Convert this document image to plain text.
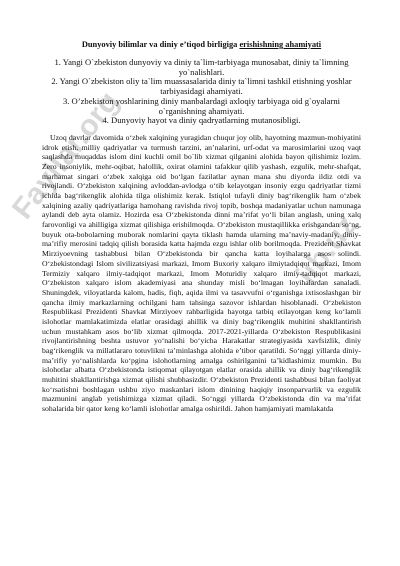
Fayllar.org
iib.uz
Dunyoviy bilimlar va diniy e’tiqod birligiga erishishning ahamiyati
1. Yangi O`zbekiston dunyoviy va diniy ta`lim-tarbiyaga munosabat, diniy ta`limning yo`nalishlari.
2. Yangi O`zbekiston oliy ta`lim muassasalarida diniy ta`limni tashkil etishning yoshlar tarbiyasidagi ahamiyati.
3. O’zbekiston yoshlarining diniy manbalardagi axloqiy tarbiyaga oid g`oyalarni o`rganishning ahamiyati.
4. Dunyoviy hayot va diniy qadryatlarning mutanosibligi.

Uzoq davrlar davomida o‘zbek xalqining yuragidan chuqur joy olib, hayotning mazmun-mohiyatini idrok etish, milliy qadriyatlar va turmush tarzini, an’nalarini, urf-odat va marosimlarini uzoq vaqt saqlashda muqaddas islom dini kuchli omil bo`lib xizmat qilganini alohida bayon qilishimiz lozim. Zero insoniylik, mehr-oqibat, halollik, oxirat olamini tafakkur qilib yashash, ezgulik, mehr-shafqat, marhamat singari o‘zbek xalqiga oid bo‘lgan fazilatlar aynan mana shu diyorda ildiz otdi va rivojlandi. O‘zbekiston xalqining avloddan-avlodga o‘tib kelayotgan insoniy ezgu qadriyatlar tizmi ichida bag‘rikenglik alohida tilga olishimiz kerak. Istiqlol tufayli diniy bag‘rikenglik ham o‘zbek xalqining azaliy qadriyatlariga hamohang ravishda rivoj topib, boshqa madaniyatlar uchun namunaga aylandi deb ayta olamiz. Hozirda esa O‘zbekistonda dinni ma’rifat yo‘li bilan anglash, uning xalq farovonligi va ahilligiga xizmat qilishiga erishilmoqda. O‘zbekiston mustaqillikka erishgandan so‘ng, buyuk ota-bobolarning muborak nomlarini qayta tiklash hamda ularning ma’naviy-madaniy, diniy-ma’rifiy merosini tadqiq qilish borasida katta hajmda ezgu ishlar olib borilmoqda. Prezident Shavkat Mirziyoevning tashabbusi bilan O‘zbekistonda bir qancha katta loyihalarga asos solindi. O‘zbekistondagi Islom sivilizatsiyasi markazi, Imom Buxoriy xalqaro ilmiytadqiqot markazi, Imom Termiziy xalqaro ilmiy-tadqiqot markazi, Imom Moturidiy xalqaro ilmiy-tadqiqot markazi, O‘zbekiston xalqaro islom akademiyasi ana shunday misli bo‘lmagan loyihalardan sanaladi. Shuningdek, viloyatlarda kalom, hadis, fiqh, aqida ilmi va tasavvufni o‘rganishga ixtisoslashgan bir qancha ilmiy markazlarning ochilgani ham tahsinga sazovor ishlardan hisoblanadi. O‘zbekiston Respublikasi Prezidenti Shavkat Mirziyoev rahbarligida hayotga tatbiq etilayotgan keng ko‘lamli islohotlar mamlakatimizda elatlar orasidagi ahillik va diniy bag‘rikenglik muhitini shakllantirish uchun mustahkam asos bo‘lib xizmat qilmoqda. 2017-2021-yillarda O‘zbekiston Respublikasini rivojlantirishning beshta ustuvor yo‘nalishi bo‘yicha Harakatlar strategiyasida xavfsizlik, diniy bag‘rikenglik va millatlararo totuvlikni ta’minlashga alohida e’tibor qaratildi. So‘nggi yillarda diniy-ma’rifiy yo‘nalishlarda ko‘pgina islohotlarning amalga oshirilganini ta’kidlashimiz mumkin. Bu islohotlar albatta O‘zbekistonda istiqomat qilayotgan elatlar orasida ahillik va diniy bag‘rikenglik muhitini shakllantirishga xizmat qilishi shubhasizdir. O‘zbekiston Prezidenti tashabbusi bilan faoliyat ko‘rsatishni boshlagan ushbu ziyo maskanlari islom dinining haqiqiy insonparvarlik va ezgulik mazmunini anglab yetishimizga xizmat qiladi. So‘nggi yillarda O‘zbekistonda din va ma’rifat sohalarida bir qator keng ko‘lamli islohotlar amalga oshirildi. Jahon hamjamiyati mamlakatda
